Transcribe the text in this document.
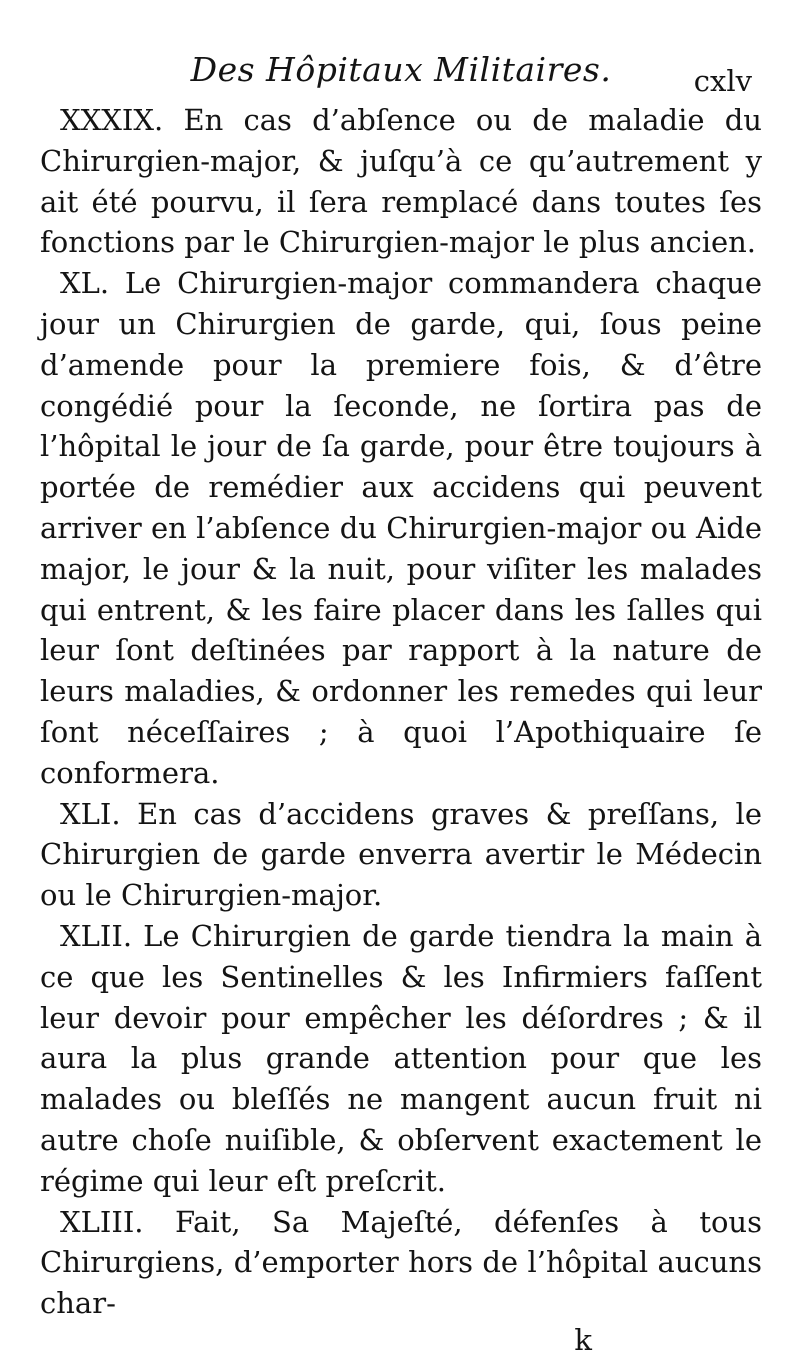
Des Hôpitaux Militaires.	cxlv

XXXIX. En cas d’abſence ou de maladie du Chirurgien-major, & juſqu’à ce qu’autrement y ait été pourvu, il ſera remplacé dans toutes ſes fonctions par le Chirurgien-major le plus ancien.

XL. Le Chirurgien-major commandera chaque jour un Chirurgien de garde, qui, ſous peine d’amende pour la premiere fois, & d’être congédié pour la ſeconde, ne ſortira pas de l’hôpital le jour de ſa garde, pour être toujours à portée de remédier aux accidens qui peuvent arriver en l’abſence du Chirurgien-major ou Aide major, le jour & la nuit, pour viſiter les malades qui entrent, & les faire placer dans les ſalles qui leur ſont deſtinées par rapport à la nature de leurs maladies, & ordonner les remedes qui leur ſont néceſſaires ; à quoi l’Apothiquaire ſe conformera.

XLI. En cas d’accidens graves & preſſans, le Chirurgien de garde enverra avertir le Médecin ou le Chirurgien-major.

XLII. Le Chirurgien de garde tiendra la main à ce que les Sentinelles & les Infirmiers faſſent leur devoir pour empêcher les déſordres ; & il aura la plus grande attention pour que les malades ou bleſſés ne mangent aucun fruit ni autre choſe nuiſible, & obſervent exactement le régime qui leur eſt preſcrit.

XLIII. Fait, Sa Majeſté, défenſes à tous Chirurgiens, d’emporter hors de l’hôpital aucuns char-

k
